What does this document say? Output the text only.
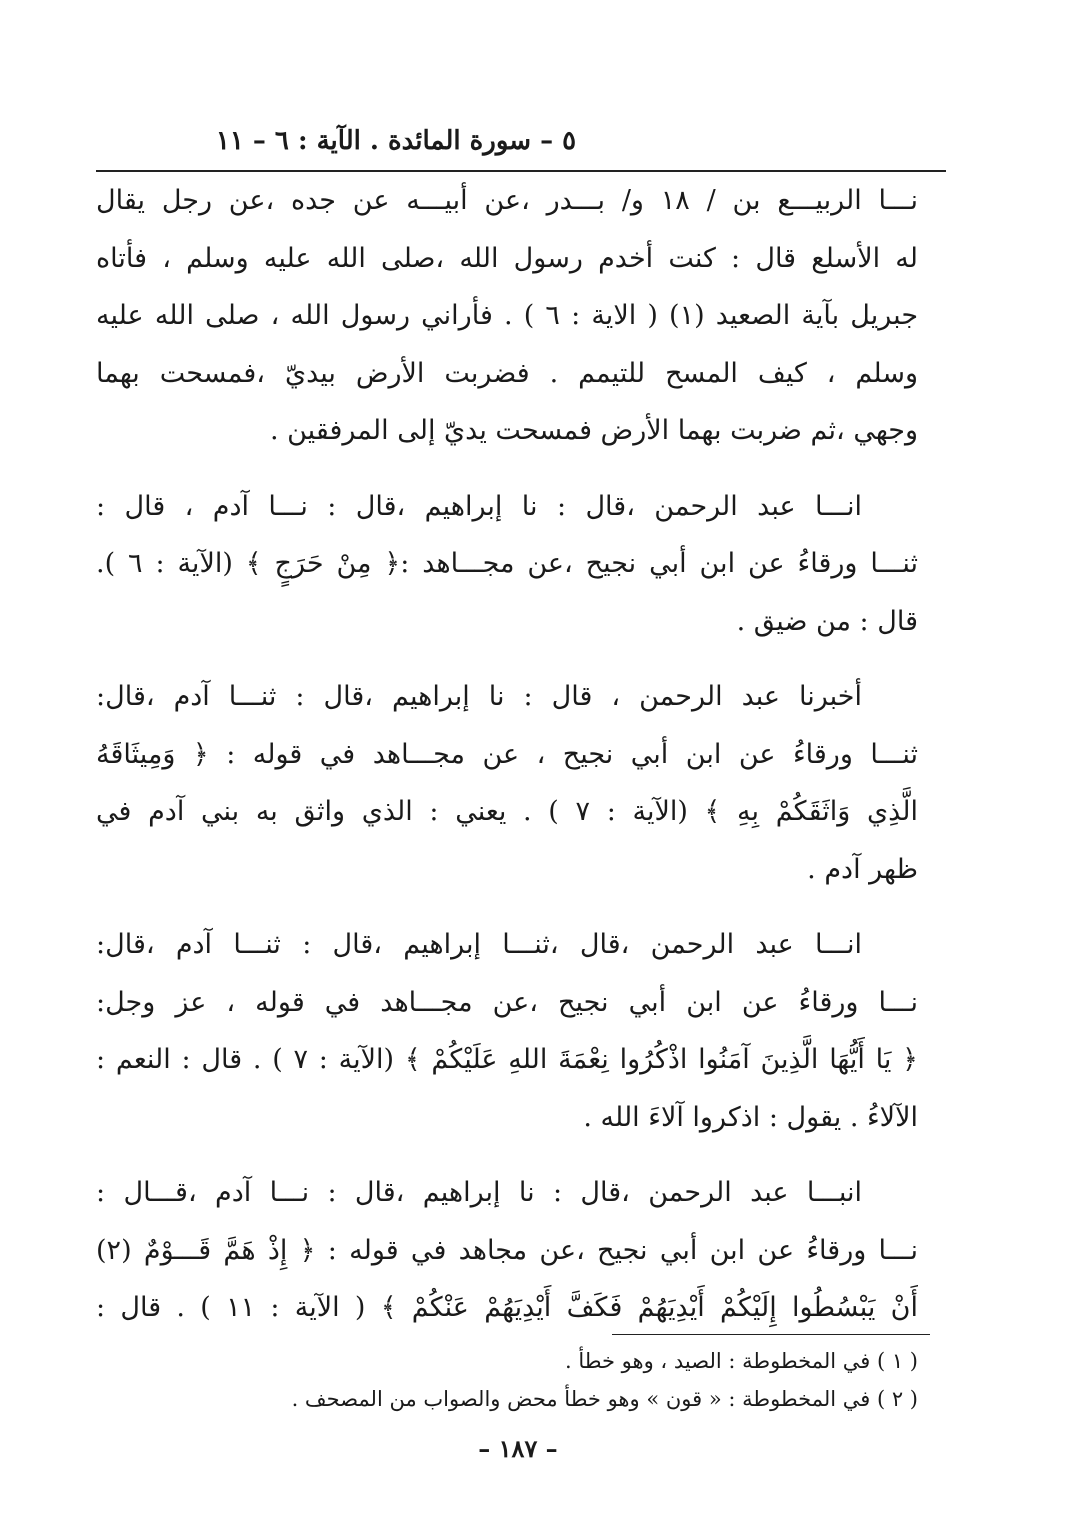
٥ – سورة المائدة . الآية : ٦ – ١١
نـــا الربيـــع بن / ١٨ و/ بـــدر ،عن أبيـــه عن جده ،عن رجل يقال
له الأسلع قال : كنت أخدم رسول الله ،صلى الله عليه وسلم ، فأتاه
جبريل بآية الصعيد (١) ( الاية : ٦ ) . فأراني رسول الله ، صلى الله عليه
وسلم ، كيف المسح للتيمم . فضربت الأرض بيديّ ،فمسحت بهما
وجهي ،ثم ضربت بهما الأرض فمسحت يديّ إلى المرفقين .
انـــا عبد الرحمن ،قال : نا إبراهيم ،قال : نـــا آدم ، قال :
ثنـــا ورقاءُ عن ابن أبي نجيح ،عن مجـــاهد :﴿ مِنْ حَرَجٍ ﴾ (الآية : ٦ ).
قال : من ضيق .
أخبرنا عبد الرحمن ، قال : نا إبراهيم ،قال : ثنـــا آدم ،قال:
ثنـــا ورقاءُ عن ابن أبي نجيح ، عن مجـــاهد في قوله : ﴿ وَمِيثَاقَهُ
الَّذِي وَاثَقَكُمْ بِهِ ﴾ (الآية : ٧ ) . يعني : الذي واثق به بني آدم في
ظهر آدم .
انـــا عبد الرحمن ،قال ،ثنـــا إبراهيم ،قال : ثنـــا آدم ،قال:
نـــا ورقاءُ عن ابن أبي نجيح ،عن مجـــاهد في قوله ، عز وجل:
﴿ يَا أَيُّهَا الَّذِينَ آمَنُوا اذْكُرُوا نِعْمَةَ اللهِ عَلَيْكُمْ ﴾ (الآية : ٧ ) . قال : النعم :
الآلاءُ . يقول : اذكروا آلاءَ الله .
انبـــا عبد الرحمن ،قال : نا إبراهيم ،قال : نـــا آدم ،قـــال :
نـــا ورقاءُ عن ابن أبي نجيح ،عن مجاهد في قوله : ﴿ إِذْ هَمَّ قَـــوْمٌ (٢)
أَنْ يَبْسُطُوا إِلَيْكُمْ أَيْدِيَهُمْ فَكَفَّ أَيْدِيَهُمْ عَنْكُمْ ﴾ ( الآية : ١١ ) . قال :
( ١ ) في المخطوطة : الصيد ، وهو خطأ .
( ٢ ) في المخطوطة : « قون » وهو خطأ محض والصواب من المصحف .
– ١٨٧ –
